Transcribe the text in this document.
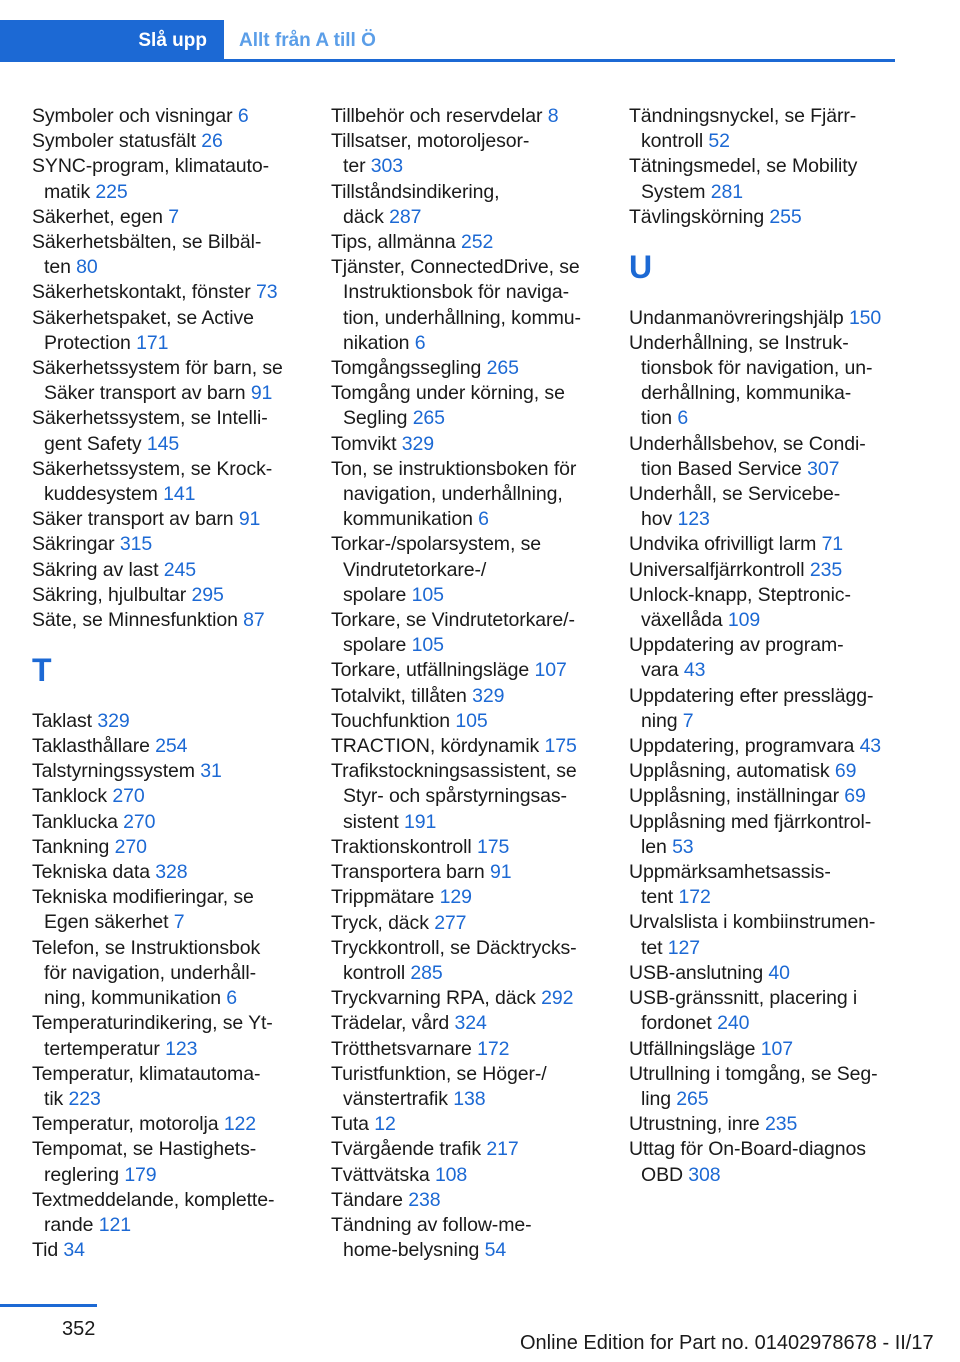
Slå upp	Allt från A till Ö
Symboler och visningar 6
Symboler statusfält 26
SYNC-program, klimatauto-
matik 225
Säkerhet, egen 7
Säkerhetsbälten, se Bilbäl-
ten 80
Säkerhetskontakt, fönster 73
Säkerhetspaket, se Active
Protection 171
Säkerhetssystem för barn, se
Säker transport av barn 91
Säkerhetssystem, se Intelli-
gent Safety 145
Säkerhetssystem, se Krock-
kuddesystem 141
Säker transport av barn 91
Säkringar 315
Säkring av last 245
Säkring, hjulbultar 295
Säte, se Minnesfunktion 87
T
Taklast 329
Taklasthållare 254
Talstyrningssystem 31
Tanklock 270
Tanklucka 270
Tankning 270
Tekniska data 328
Tekniska modifieringar, se
Egen säkerhet 7
Telefon, se Instruktionsbok
för navigation, underhåll-
ning, kommunikation 6
Temperaturindikering, se Yt-
tertemperatur 123
Temperatur, klimatautoma-
tik 223
Temperatur, motorolja 122
Tempomat, se Hastighets-
reglering 179
Textmeddelande, komplette-
rande 121
Tid 34
Tillbehör och reservdelar 8
Tillsatser, motoroljesor-
ter 303
Tillståndsindikering,
däck 287
Tips, allmänna 252
Tjänster, ConnectedDrive, se
Instruktionsbok för naviga-
tion, underhållning, kommu-
nikation 6
Tomgångssegling 265
Tomgång under körning, se
Segling 265
Tomvikt 329
Ton, se instruktionsboken för
navigation, underhållning,
kommunikation 6
Torkar-/spolarsystem, se
Vindrutetorkare-/
spolare 105
Torkare, se Vindrutetorkare/-
spolare 105
Torkare, utfällningsläge 107
Totalvikt, tillåten 329
Touchfunktion 105
TRACTION, kördynamik 175
Trafikstockningsassistent, se
Styr- och spårstyrningsas-
sistent 191
Traktionskontroll 175
Transportera barn 91
Trippmätare 129
Tryck, däck 277
Tryckkontroll, se Däcktrycks-
kontroll 285
Tryckvarning RPA, däck 292
Trädelar, vård 324
Trötthetsvarnare 172
Turistfunktion, se Höger-/
vänstertrafik 138
Tuta 12
Tvärgående trafik 217
Tvättvätska 108
Tändare 238
Tändning av follow-me-
home-belysning 54
Tändningsnyckel, se Fjärr-
kontroll 52
Tätningsmedel, se Mobility
System 281
Tävlingskörning 255
U
Undanmanövreringshjälp 150
Underhållning, se Instruk-
tionsbok för navigation, un-
derhållning, kommunika-
tion 6
Underhållsbehov, se Condi-
tion Based Service 307
Underhåll, se Servicebe-
hov 123
Undvika ofrivilligt larm 71
Universalfjärrkontroll 235
Unlock-knapp, Steptronic-
växellåda 109
Uppdatering av program-
vara 43
Uppdatering efter presslägg-
ning 7
Uppdatering, programvara 43
Upplåsning, automatisk 69
Upplåsning, inställningar 69
Upplåsning med fjärrkontrol-
len 53
Uppmärksamhetsassis-
tent 172
Urvalslista i kombiinstrumen-
tet 127
USB-anslutning 40
USB-gränssnitt, placering i
fordonet 240
Utfällningsläge 107
Utrullning i tomgång, se Seg-
ling 265
Utrustning, inre 235
Uttag för On-Board-diagnos
OBD 308
352
Online Edition for Part no. 01402978678 - II/17
